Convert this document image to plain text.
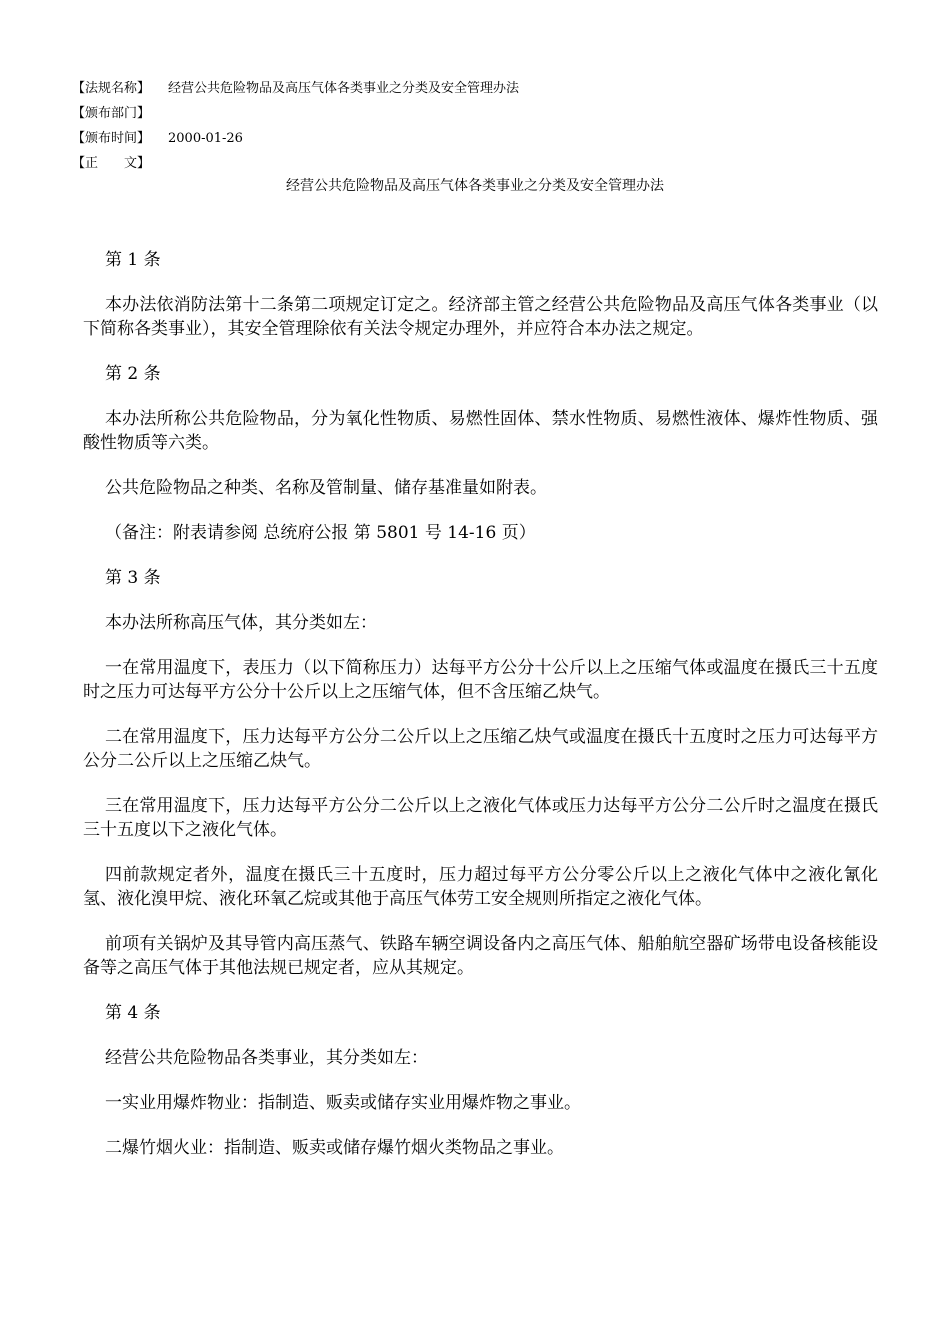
【法规名称】	经营公共危险物品及高压气体各类事业之分类及安全管理办法
【颁布部门】
【颁布时间】	2000-01-26
【正　　文】
经营公共危险物品及高压气体各类事业之分类及安全管理办法

第 1 条

本办法依消防法第十二条第二项规定订定之。经济部主管之经营公共危险物品及高压气体各类事业（以下简称各类事业），其安全管理除依有关法令规定办理外，并应符合本办法之规定。

第 2 条

本办法所称公共危险物品，分为氧化性物质、易燃性固体、禁水性物质、易燃性液体、爆炸性物质、强酸性物质等六类。

公共危险物品之种类、名称及管制量、储存基准量如附表。

（备注：附表请参阅 总统府公报 第 5801 号 14-16 页）

第 3 条

本办法所称高压气体，其分类如左：

一在常用温度下，表压力（以下简称压力）达每平方公分十公斤以上之压缩气体或温度在摄氏三十五度时之压力可达每平方公分十公斤以上之压缩气体，但不含压缩乙炔气。

二在常用温度下，压力达每平方公分二公斤以上之压缩乙炔气或温度在摄氏十五度时之压力可达每平方公分二公斤以上之压缩乙炔气。

三在常用温度下，压力达每平方公分二公斤以上之液化气体或压力达每平方公分二公斤时之温度在摄氏三十五度以下之液化气体。

四前款规定者外，温度在摄氏三十五度时，压力超过每平方公分零公斤以上之液化气体中之液化氰化氢、液化溴甲烷、液化环氧乙烷或其他于高压气体劳工安全规则所指定之液化气体。

前项有关锅炉及其导管内高压蒸气、铁路车辆空调设备内之高压气体、船舶航空器矿场带电设备核能设备等之高压气体于其他法规已规定者，应从其规定。

第 4 条

经营公共危险物品各类事业，其分类如左：

一实业用爆炸物业：指制造、贩卖或储存实业用爆炸物之事业。

二爆竹烟火业：指制造、贩卖或储存爆竹烟火类物品之事业。
